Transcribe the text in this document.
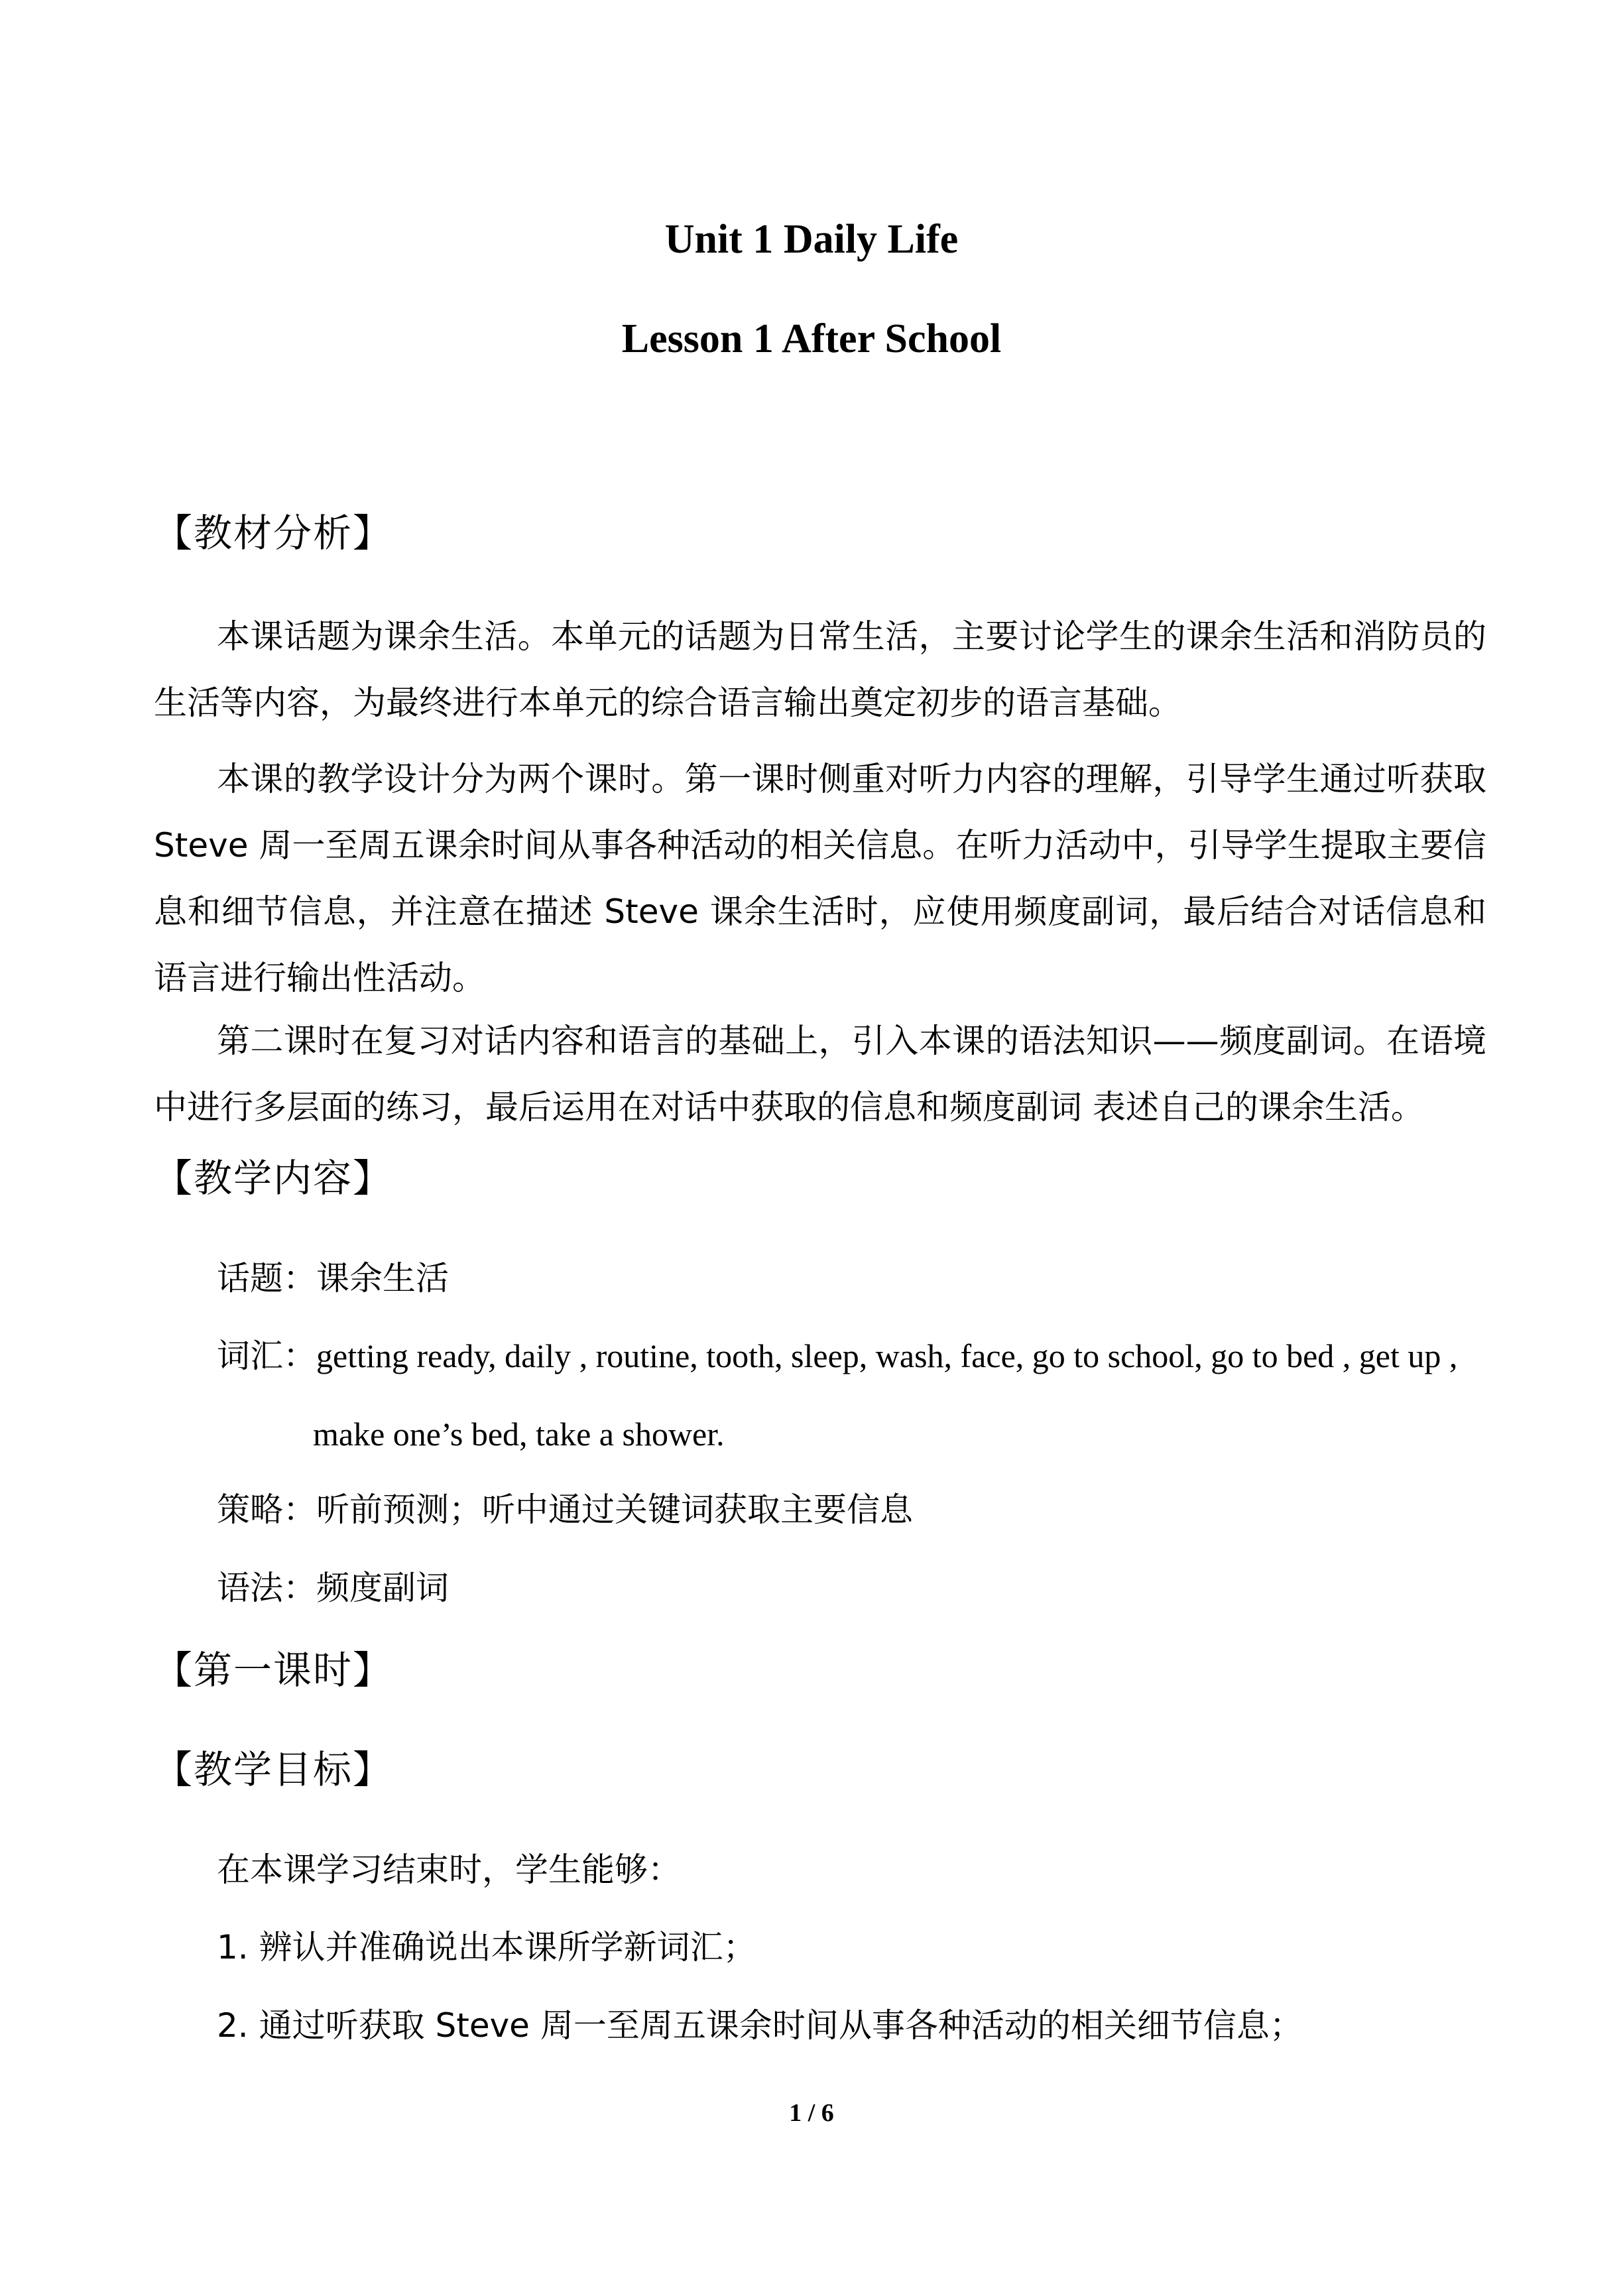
Unit 1 Daily Life
Lesson 1 After School
【教材分析】
本课话题为课余生活。本单元的话题为日常生活，主要讨论学生的课余生活和消防员的生活等内容，为最终进行本单元的综合语言输出奠定初步的语言基础。
本课的教学设计分为两个课时。第一课时侧重对听力内容的理解，引导学生通过听获取 Steve 周一至周五课余时间从事各种活动的相关信息。在听力活动中，引导学生提取主要信息和细节信息，并注意在描述 Steve 课余生活时，应使用频度副词，最后结合对话信息和语言进行输出性活动。
第二课时在复习对话内容和语言的基础上，引入本课的语法知识——频度副词。在语境中进行多层面的练习，最后运用在对话中获取的信息和频度副词 表述自己的课余生活。
【教学内容】
话题：课余生活
词汇：getting ready, daily , routine, tooth, sleep, wash, face, go to school, go to bed , get up ,
make one’s bed, take a shower.
策略：听前预测；听中通过关键词获取主要信息
语法：频度副词
【第一课时】
【教学目标】
在本课学习结束时，学生能够：
1. 辨认并准确说出本课所学新词汇；
2. 通过听获取 Steve 周一至周五课余时间从事各种活动的相关细节信息；
1 / 6
